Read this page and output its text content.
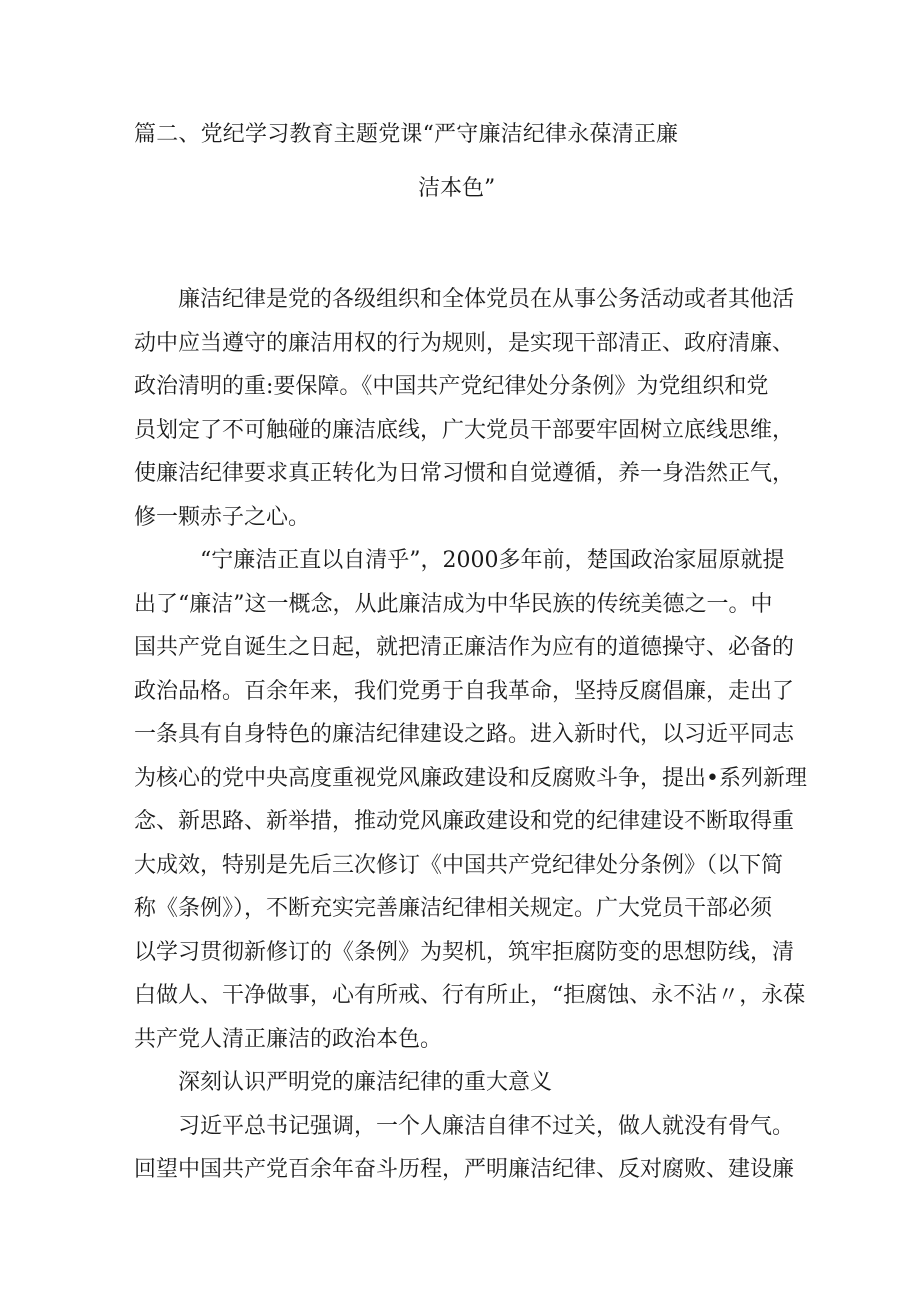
篇二、党纪学习教育主题党课“严守廉洁纪律永葆清正廉
洁本色”
廉洁纪律是党的各级组织和全体党员在从事公务活动或者其他活
动中应当遵守的廉洁用权的行为规则，是实现干部清正、政府清廉、
政治清明的重:要保障。《中国共产党纪律处分条例》为党组织和党
员划定了不可触碰的廉洁底线，广大党员干部要牢固树立底线思维，
使廉洁纪律要求真正转化为日常习惯和自觉遵循，养一身浩然正气，
修一颗赤子之心。
“宁廉洁正直以自清乎”，2000多年前，楚国政治家屈原就提
出了“廉洁”这一概念，从此廉洁成为中华民族的传统美德之一。中
国共产党自诞生之日起，就把清正廉洁作为应有的道德操守、必备的
政治品格。百余年来，我们党勇于自我革命，坚持反腐倡廉，走出了
一条具有自身特色的廉洁纪律建设之路。进入新时代，以习近平同志
为核心的党中央高度重视党风廉政建设和反腐败斗争，提出•系列新理
念、新思路、新举措，推动党风廉政建设和党的纪律建设不断取得重
大成效，特别是先后三次修订《中国共产党纪律处分条例》（以下简
称《条例》），不断充实完善廉洁纪律相关规定。广大党员干部必须
以学习贯彻新修订的《条例》为契机，筑牢拒腐防变的思想防线，清
白做人、干净做事，心有所戒、行有所止，“拒腐蚀、永不沾〃，永葆
共产党人清正廉洁的政治本色。
深刻认识严明党的廉洁纪律的重大意义
习近平总书记强调，一个人廉洁自律不过关，做人就没有骨气。
回望中国共产党百余年奋斗历程，严明廉洁纪律、反对腐败、建设廉
